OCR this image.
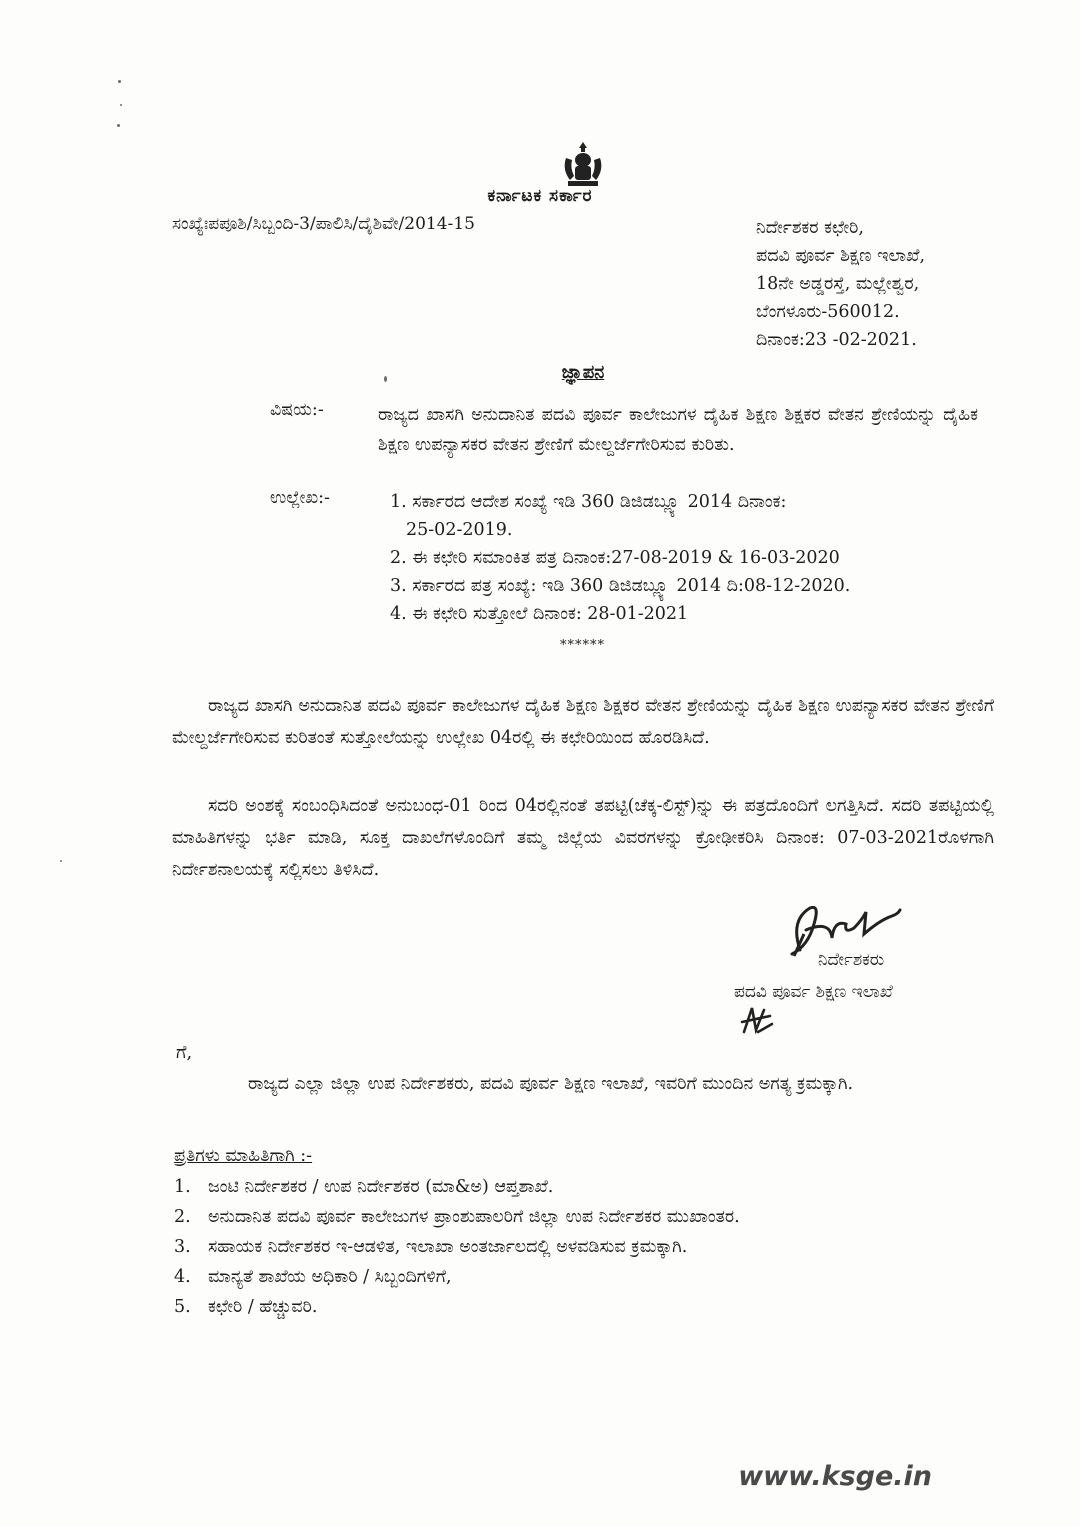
ಕರ್ನಾಟಕ ಸರ್ಕಾರ
ಸಂಖ್ಯೆಃಪಪೂಶಿ/ಸಿಬ್ಬಂದಿ-3/ಪಾಲಿಸಿ/ದೈಶಿವೇ/2014-15	ನಿರ್ದೇಶಕರ ಕಛೇರಿ,
ಪದವಿ ಪೂರ್ವ ಶಿಕ್ಷಣ ಇಲಾಖೆ,
18ನೇ ಅಡ್ಡರಸ್ತೆ, ಮಲ್ಲೇಶ್ವರ,
ಬೆಂಗಳೂರು-560012.
ದಿನಾಂಕ:23 -02-2021.
ಜ್ಞಾಪನ
ವಿಷಯ:-	ರಾಜ್ಯದ ಖಾಸಗಿ ಅನುದಾನಿತ ಪದವಿ ಪೂರ್ವ ಕಾಲೇಜುಗಳ ದೈಹಿಕ ಶಿಕ್ಷಣ ಶಿಕ್ಷಕರ ವೇತನ ಶ್ರೇಣಿಯನ್ನು ದೈಹಿಕ ಶಿಕ್ಷಣ ಉಪನ್ಯಾಸಕರ ವೇತನ ಶ್ರೇಣಿಗೆ ಮೇಲ್ದರ್ಜೆಗೇರಿಸುವ ಕುರಿತು.
ಉಲ್ಲೇಖ:-	1. ಸರ್ಕಾರದ ಆದೇಶ ಸಂಖ್ಯೆ ಇಡಿ 360 ಡಿಜಿಡಬ್ಲ್ಯೂ 2014 ದಿನಾಂಕ:
25-02-2019.
2. ಈ ಕಛೇರಿ ಸಮಾಂಕಿತ ಪತ್ರ ದಿನಾಂಕ:27-08-2019 & 16-03-2020
3. ಸರ್ಕಾರದ ಪತ್ರ ಸಂಖ್ಯೆ: ಇಡಿ 360 ಡಿಜಿಡಬ್ಲ್ಯೂ 2014 ದಿ:08-12-2020.
4. ಈ ಕಛೇರಿ ಸುತ್ತೋಲೆ ದಿನಾಂಕ: 28-01-2021
******
ರಾಜ್ಯದ ಖಾಸಗಿ ಅನುದಾನಿತ ಪದವಿ ಪೂರ್ವ ಕಾಲೇಜುಗಳ ದೈಹಿಕ ಶಿಕ್ಷಣ ಶಿಕ್ಷಕರ ವೇತನ ಶ್ರೇಣಿಯನ್ನು ದೈಹಿಕ ಶಿಕ್ಷಣ ಉಪನ್ಯಾಸಕರ ವೇತನ ಶ್ರೇಣಿಗೆ ಮೇಲ್ದರ್ಜೆಗೇರಿಸುವ ಕುರಿತಂತೆ ಸುತ್ತೋಲೆಯನ್ನು ಉಲ್ಲೇಖ 04ರಲ್ಲಿ ಈ ಕಛೇರಿಯಿಂದ ಹೊರಡಿಸಿದೆ.
ಸದರಿ ಅಂಶಕ್ಕೆ ಸಂಬಂಧಿಸಿದಂತೆ ಅನುಬಂಧ-01 ರಿಂದ 04ರಲ್ಲಿನಂತೆ ತಪಟ್ಟಿ(ಚೆಕ್ಕ-ಲಿಸ್ಟ್)ನ್ನು ಈ ಪತ್ರದೊಂದಿಗೆ ಲಗತ್ತಿಸಿದೆ. ಸದರಿ ತಪಟ್ಟಿಯಲ್ಲಿ ಮಾಹಿತಿಗಳನ್ನು ಭರ್ತಿ ಮಾಡಿ, ಸೂಕ್ತ ದಾಖಲೆಗಳೊಂದಿಗೆ ತಮ್ಮ ಜಿಲ್ಲೆಯ ವಿವರಗಳನ್ನು ಕ್ರೋಢೀಕರಿಸಿ ದಿನಾಂಕ: 07-03-2021ರೊಳಗಾಗಿ ನಿರ್ದೇಶನಾಲಯಕ್ಕೆ ಸಲ್ಲಿಸಲು ತಿಳಿಸಿದೆ.
ನಿರ್ದೇಶಕರು
ಪದವಿ ಪೂರ್ವ ಶಿಕ್ಷಣ ಇಲಾಖೆ
ಗೆ,
ರಾಜ್ಯದ ಎಲ್ಲಾ ಜಿಲ್ಲಾ ಉಪ ನಿರ್ದೇಶಕರು, ಪದವಿ ಪೂರ್ವ ಶಿಕ್ಷಣ ಇಲಾಖೆ, ಇವರಿಗೆ ಮುಂದಿನ ಅಗತ್ಯ ಕ್ರಮಕ್ಕಾಗಿ.
ಪ್ರತಿಗಳು ಮಾಹಿತಿಗಾಗಿ :-
1. ಜಂಟಿ ನಿರ್ದೇಶಕರ / ಉಪ ನಿರ್ದೇಶಕರ (ಮಾ&ಅ) ಆಪ್ತಶಾಖೆ.
2. ಅನುದಾನಿತ ಪದವಿ ಪೂರ್ವ ಕಾಲೇಜುಗಳ ಪ್ರಾಂಶುಪಾಲರಿಗೆ ಜಿಲ್ಲಾ ಉಪ ನಿರ್ದೇಶಕರ ಮುಖಾಂತರ.
3. ಸಹಾಯಕ ನಿರ್ದೇಶಕರ ಇ-ಆಡಳಿತ, ಇಲಾಖಾ ಅಂತರ್ಜಾಲದಲ್ಲಿ ಅಳವಡಿಸುವ ಕ್ರಮಕ್ಕಾಗಿ.
4. ಮಾನ್ಯತೆ ಶಾಖೆಯ ಅಧಿಕಾರಿ / ಸಿಬ್ಬಂದಿಗಳಿಗೆ,
5. ಕಛೇರಿ / ಹೆಚ್ಚುವರಿ.
www.ksge.in
